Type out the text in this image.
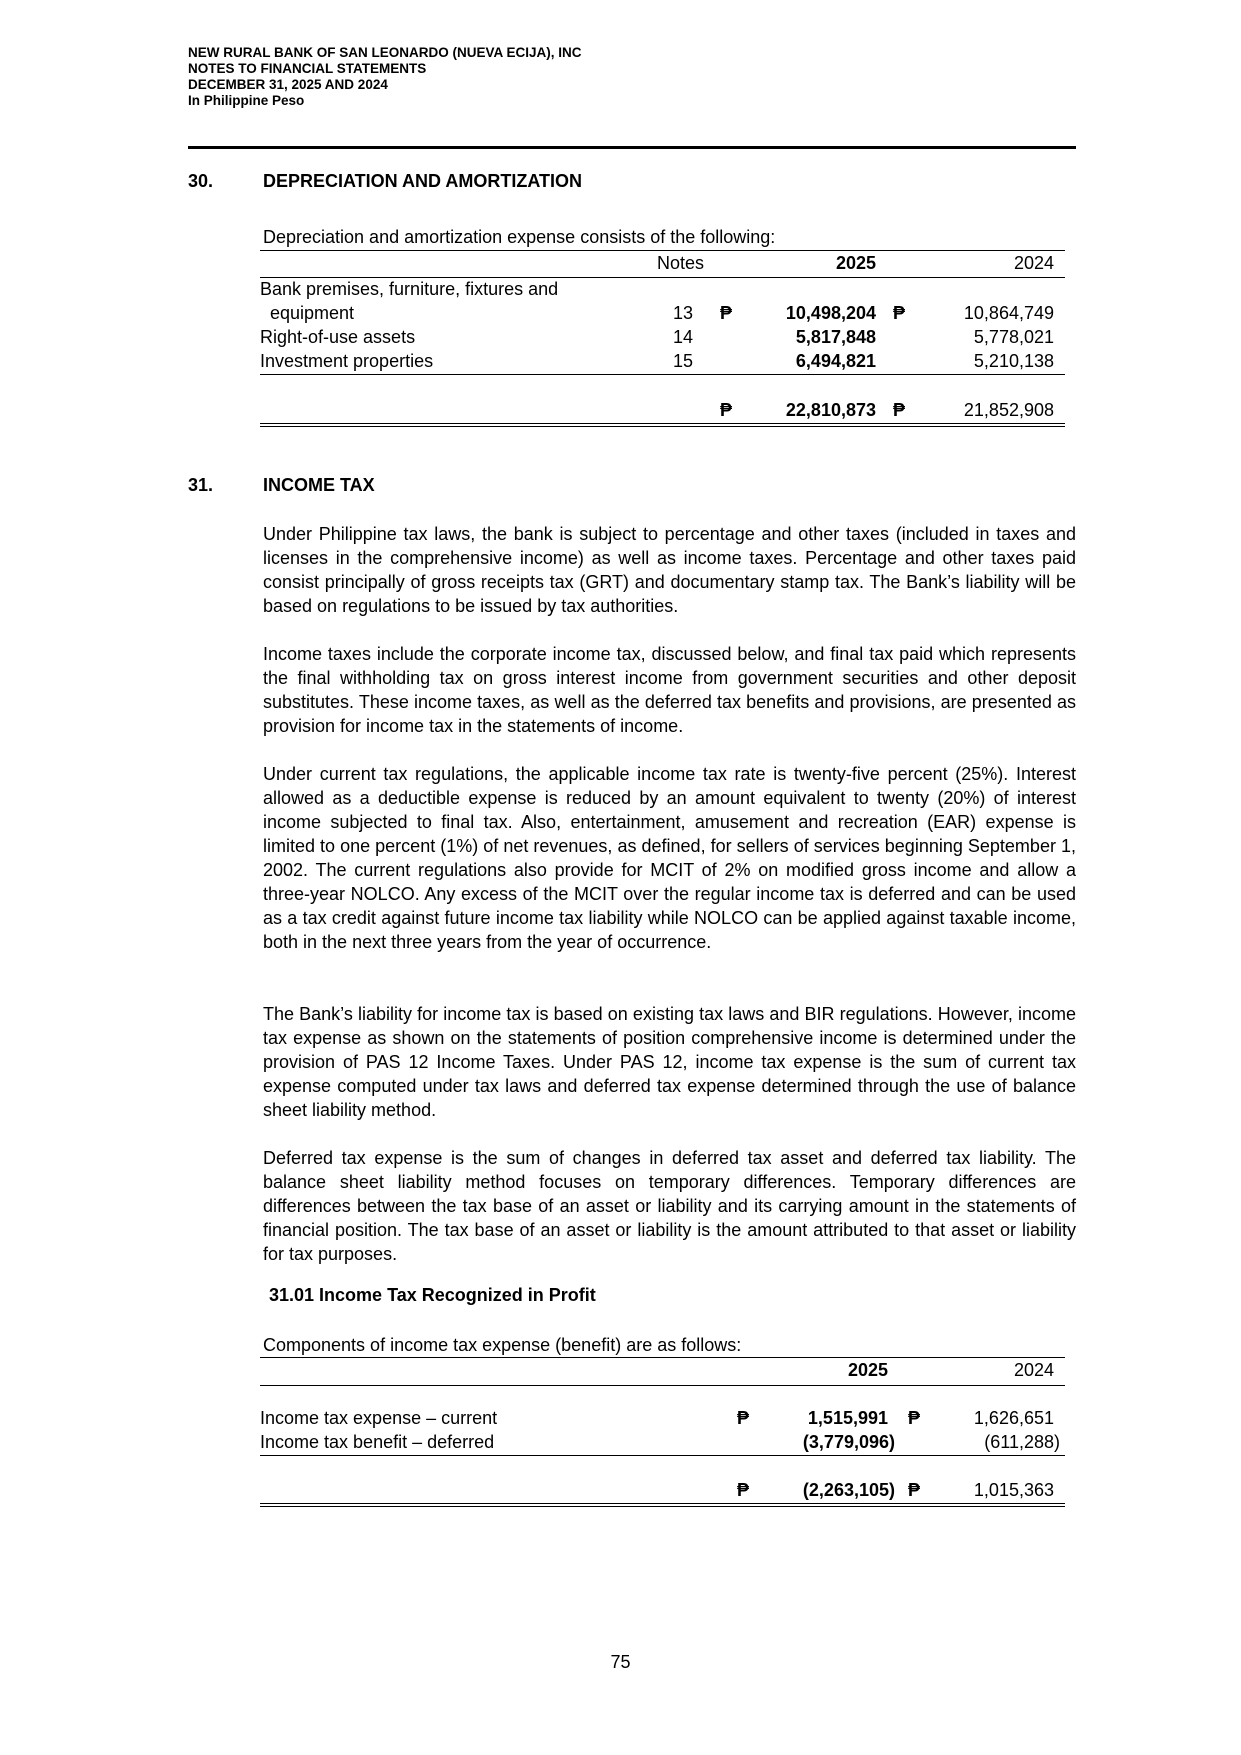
NEW RURAL BANK OF SAN LEONARDO (NUEVA ECIJA), INC
NOTES TO FINANCIAL STATEMENTS
DECEMBER 31, 2025 AND 2024
In Philippine Peso
30.	DEPRECIATION AND AMORTIZATION
Depreciation and amortization expense consists of the following:
Notes	2025	2024
Bank premises, furniture, fixtures and
equipment	13 ₱	10,498,204 ₱	10,864,749
Right-of-use assets	14	5,817,848	5,778,021
Investment properties	15	6,494,821	5,210,138
₱	22,810,873 ₱	21,852,908
31.	INCOME TAX

Under Philippine tax laws, the bank is subject to percentage and other taxes (included in taxes and licenses in the comprehensive income) as well as income taxes. Percentage and other taxes paid consist principally of gross receipts tax (GRT) and documentary stamp tax. The Bank’s liability will be based on regulations to be issued by tax authorities.

Income taxes include the corporate income tax, discussed below, and final tax paid which represents the final withholding tax on gross interest income from government securities and other deposit substitutes. These income taxes, as well as the deferred tax benefits and provisions, are presented as provision for income tax in the statements of income.

Under current tax regulations, the applicable income tax rate is twenty-five percent (25%). Interest allowed as a deductible expense is reduced by an amount equivalent to twenty (20%) of interest income subjected to final tax. Also, entertainment, amusement and recreation (EAR) expense is limited to one percent (1%) of net revenues, as defined, for sellers of services beginning September 1, 2002. The current regulations also provide for MCIT of 2% on modified gross income and allow a three-year NOLCO. Any excess of the MCIT over the regular income tax is deferred and can be used as a tax credit against future income tax liability while NOLCO can be applied against taxable income, both in the next three years from the year of occurrence.

The Bank’s liability for income tax is based on existing tax laws and BIR regulations. However, income tax expense as shown on the statements of position comprehensive income is determined under the provision of PAS 12 Income Taxes. Under PAS 12, income tax expense is the sum of current tax expense computed under tax laws and deferred tax expense determined through the use of balance sheet liability method.

Deferred tax expense is the sum of changes in deferred tax asset and deferred tax liability. The balance sheet liability method focuses on temporary differences. Temporary differences are differences between the tax base of an asset or liability and its carrying amount in the statements of financial position. The tax base of an asset or liability is the amount attributed to that asset or liability for tax purposes.

31.01 Income Tax Recognized in Profit
Components of income tax expense (benefit) are as follows:
2025	2024
Income tax expense – current	₱	1,515,991 ₱	1,626,651
Income tax benefit – deferred	(3,779,096)	(611,288)
₱	(2,263,105) ₱	1,015,363
75
